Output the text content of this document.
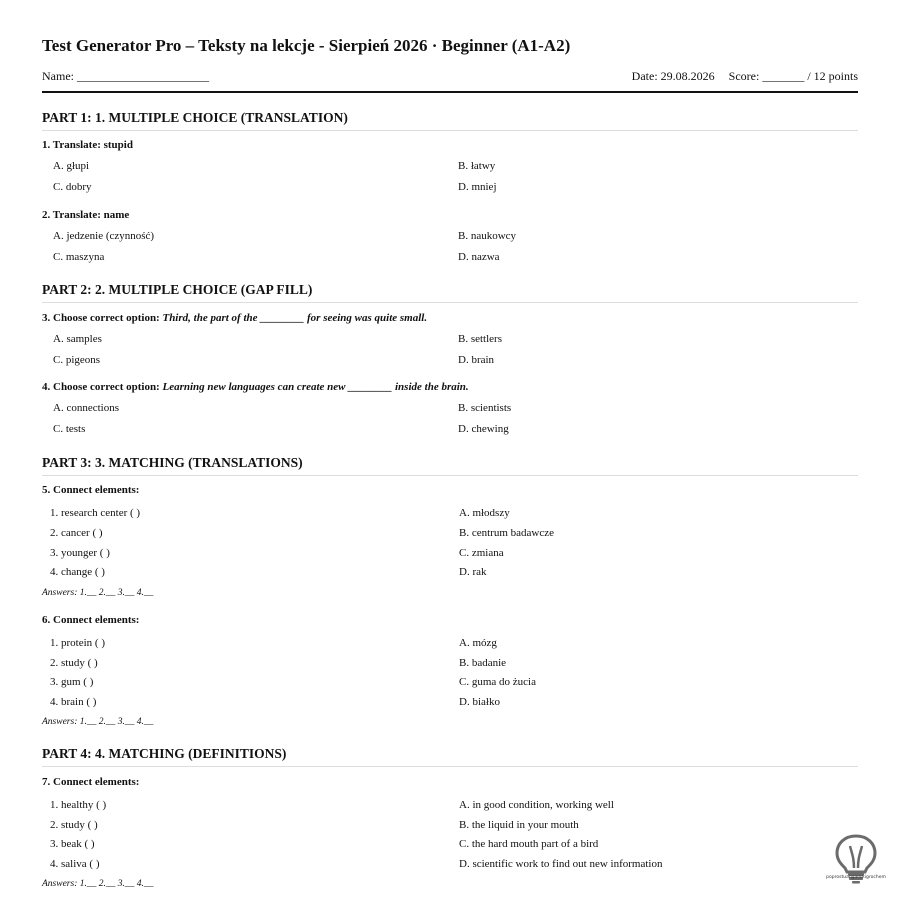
Test Generator Pro – Teksty na lekcje - Sierpień 2026 · Beginner (A1-A2)
Name: ______________________	Date: 29.08.2026 Score: _______ / 12 points
PART 1: 1. MULTIPLE CHOICE (TRANSLATION)
1. Translate: stupid
A. głupi	B. łatwy
C. dobry	D. mniej
2. Translate: name
A. jedzenie (czynność)	B. naukowcy
C. maszyna	D. nazwa
PART 2: 2. MULTIPLE CHOICE (GAP FILL)
3. Choose correct option: Third, the part of the ________ for seeing was quite small.
A. samples	B. settlers
C. pigeons	D. brain
4. Choose correct option: Learning new languages can create new ________ inside the brain.
A. connections	B. scientists
C. tests	D. chewing
PART 3: 3. MATCHING (TRANSLATIONS)
5. Connect elements:
1. research center ( )	A. młodszy
2. cancer ( )	B. centrum badawcze
3. younger ( )	C. zmiana
4. change ( )	D. rak
Answers: 1.__ 2.__ 3.__ 4.__
6. Connect elements:
1. protein ( )	A. mózg
2. study ( )	B. badanie
3. gum ( )	C. guma do żucia
4. brain ( )	D. białko
Answers: 1.__ 2.__ 3.__ 4.__
PART 4: 4. MATCHING (DEFINITIONS)
7. Connect elements:
1. healthy ( )	A. in good condition, working well
2. study ( )	B. the liquid in your mouth
3. beak ( )	C. the hard mouth part of a bird
4. saliva ( )	D. scientific work to find out new information
Answers: 1.__ 2.__ 3.__ 4.__
poprostuangielskigrochem
